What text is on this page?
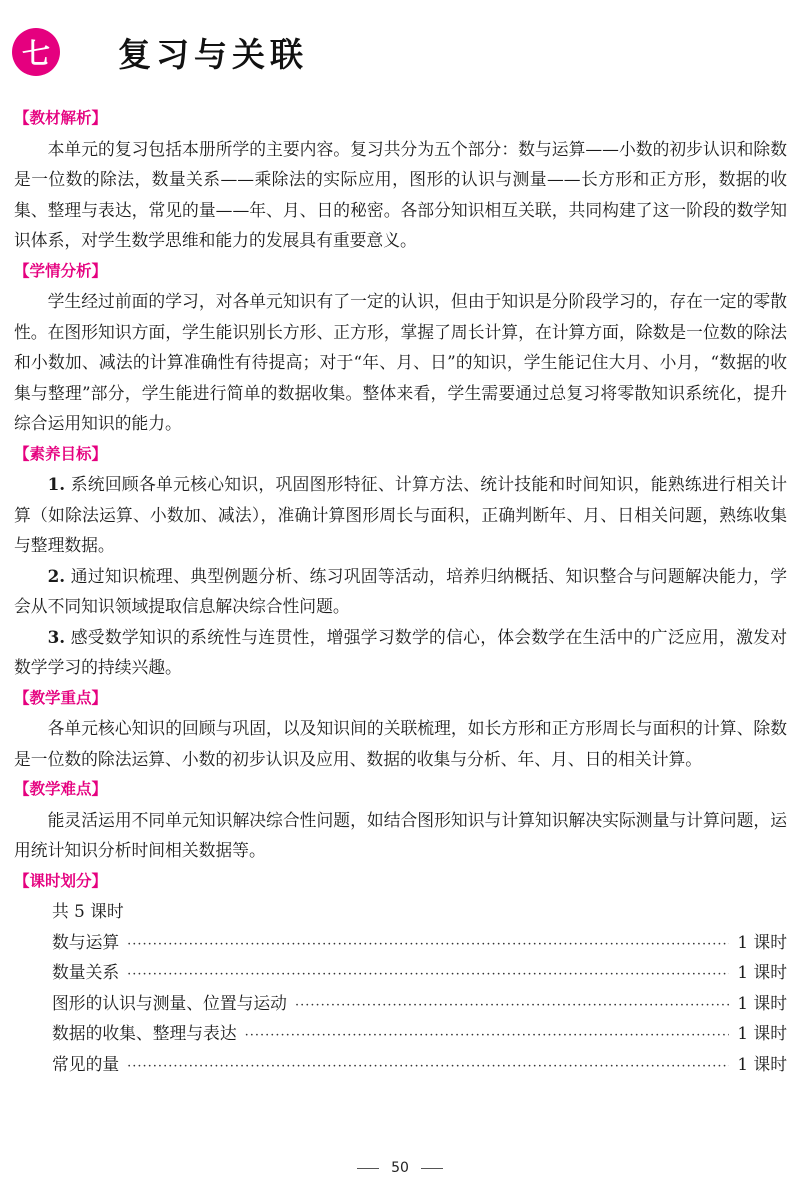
七	复习与关联
【教材解析】

本单元的复习包括本册所学的主要内容。复习共分为五个部分：数与运算——小数的初步认识和除数是一位数的除法，数量关系——乘除法的实际应用，图形的认识与测量——长方形和正方形，数据的收集、整理与表达，常见的量——年、月、日的秘密。各部分知识相互关联，共同构建了这一阶段的数学知识体系，对学生数学思维和能力的发展具有重要意义。

【学情分析】

学生经过前面的学习，对各单元知识有了一定的认识，但由于知识是分阶段学习的，存在一定的零散性。在图形知识方面，学生能识别长方形、正方形，掌握了周长计算，在计算方面，除数是一位数的除法和小数加、减法的计算准确性有待提高；对于“年、月、日”的知识，学生能记住大月、小月，“数据的收集与整理”部分，学生能进行简单的数据收集。整体来看，学生需要通过总复习将零散知识系统化，提升综合运用知识的能力。

【素养目标】

1. 系统回顾各单元核心知识，巩固图形特征、计算方法、统计技能和时间知识，能熟练进行相关计算（如除法运算、小数加、减法），准确计算图形周长与面积，正确判断年、月、日相关问题，熟练收集与整理数据。

2. 通过知识梳理、典型例题分析、练习巩固等活动，培养归纳概括、知识整合与问题解决能力，学会从不同知识领域提取信息解决综合性问题。

3. 感受数学知识的系统性与连贯性，增强学习数学的信心，体会数学在生活中的广泛应用，激发对数学学习的持续兴趣。

【教学重点】

各单元核心知识的回顾与巩固，以及知识间的关联梳理，如长方形和正方形周长与面积的计算、除数是一位数的除法运算、小数的初步认识及应用、数据的收集与分析、年、月、日的相关计算。

【教学难点】

能灵活运用不同单元知识解决综合性问题，如结合图形知识与计算知识解决实际测量与计算问题，运用统计知识分析时间相关数据等。

【课时划分】
共 5 课时
数与运算 ·····	1 课时
数量关系 ·····	1 课时
图形的认识与测量、位置与运动 ·····	1 课时
数据的收集、整理与表达 ·····	1 课时
常见的量 ·····	1 课时
50
